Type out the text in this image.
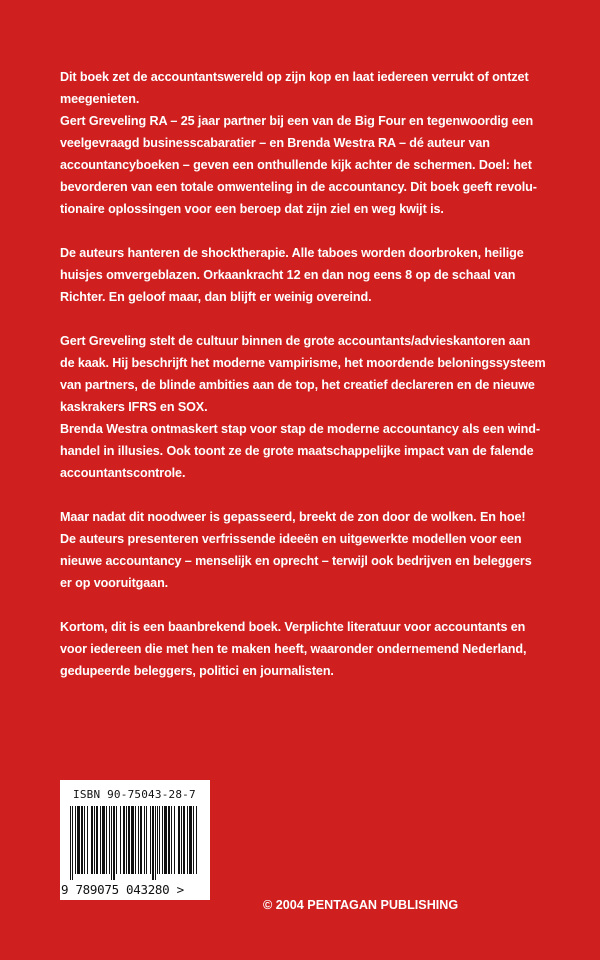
Dit boek zet de accountantswereld op zijn kop en laat iedereen verrukt of ontzet
meegenieten.
Gert Greveling RA – 25 jaar partner bij een van de Big Four en tegenwoordig een
veelgevraagd businesscabaratier – en Brenda Westra RA – dé auteur van
accountancyboeken – geven een onthullende kijk achter de schermen. Doel: het
bevorderen van een totale omwenteling in de accountancy. Dit boek geeft revolu-
tionaire oplossingen voor een beroep dat zijn ziel en weg kwijt is.
De auteurs hanteren de shocktherapie. Alle taboes worden doorbroken, heilige
huisjes omvergeblazen. Orkaankracht 12 en dan nog eens 8 op de schaal van
Richter. En geloof maar, dan blijft er weinig overeind.
Gert Greveling stelt de cultuur binnen de grote accountants/advieskantoren aan
de kaak. Hij beschrijft het moderne vampirisme, het moordende beloningssysteem
van partners, de blinde ambities aan de top, het creatief declareren en de nieuwe
kaskrakers IFRS en SOX.
Brenda Westra ontmaskert stap voor stap de moderne accountancy als een wind-
handel in illusies. Ook toont ze de grote maatschappelijke impact van de falende
accountantscontrole.
Maar nadat dit noodweer is gepasseerd, breekt de zon door de wolken. En hoe!
De auteurs presenteren verfrissende ideeën en uitgewerkte modellen voor een
nieuwe accountancy – menselijk en oprecht – terwijl ook bedrijven en beleggers
er op vooruitgaan.
Kortom, dit is een baanbrekend boek. Verplichte literatuur voor accountants en
voor iedereen die met hen te maken heeft, waaronder ondernemend Nederland,
gedupeerde beleggers, politici en journalisten.
ISBN 90-75043-28-7
9 789075 043280 >
© 2004 PENTAGAN PUBLISHING
